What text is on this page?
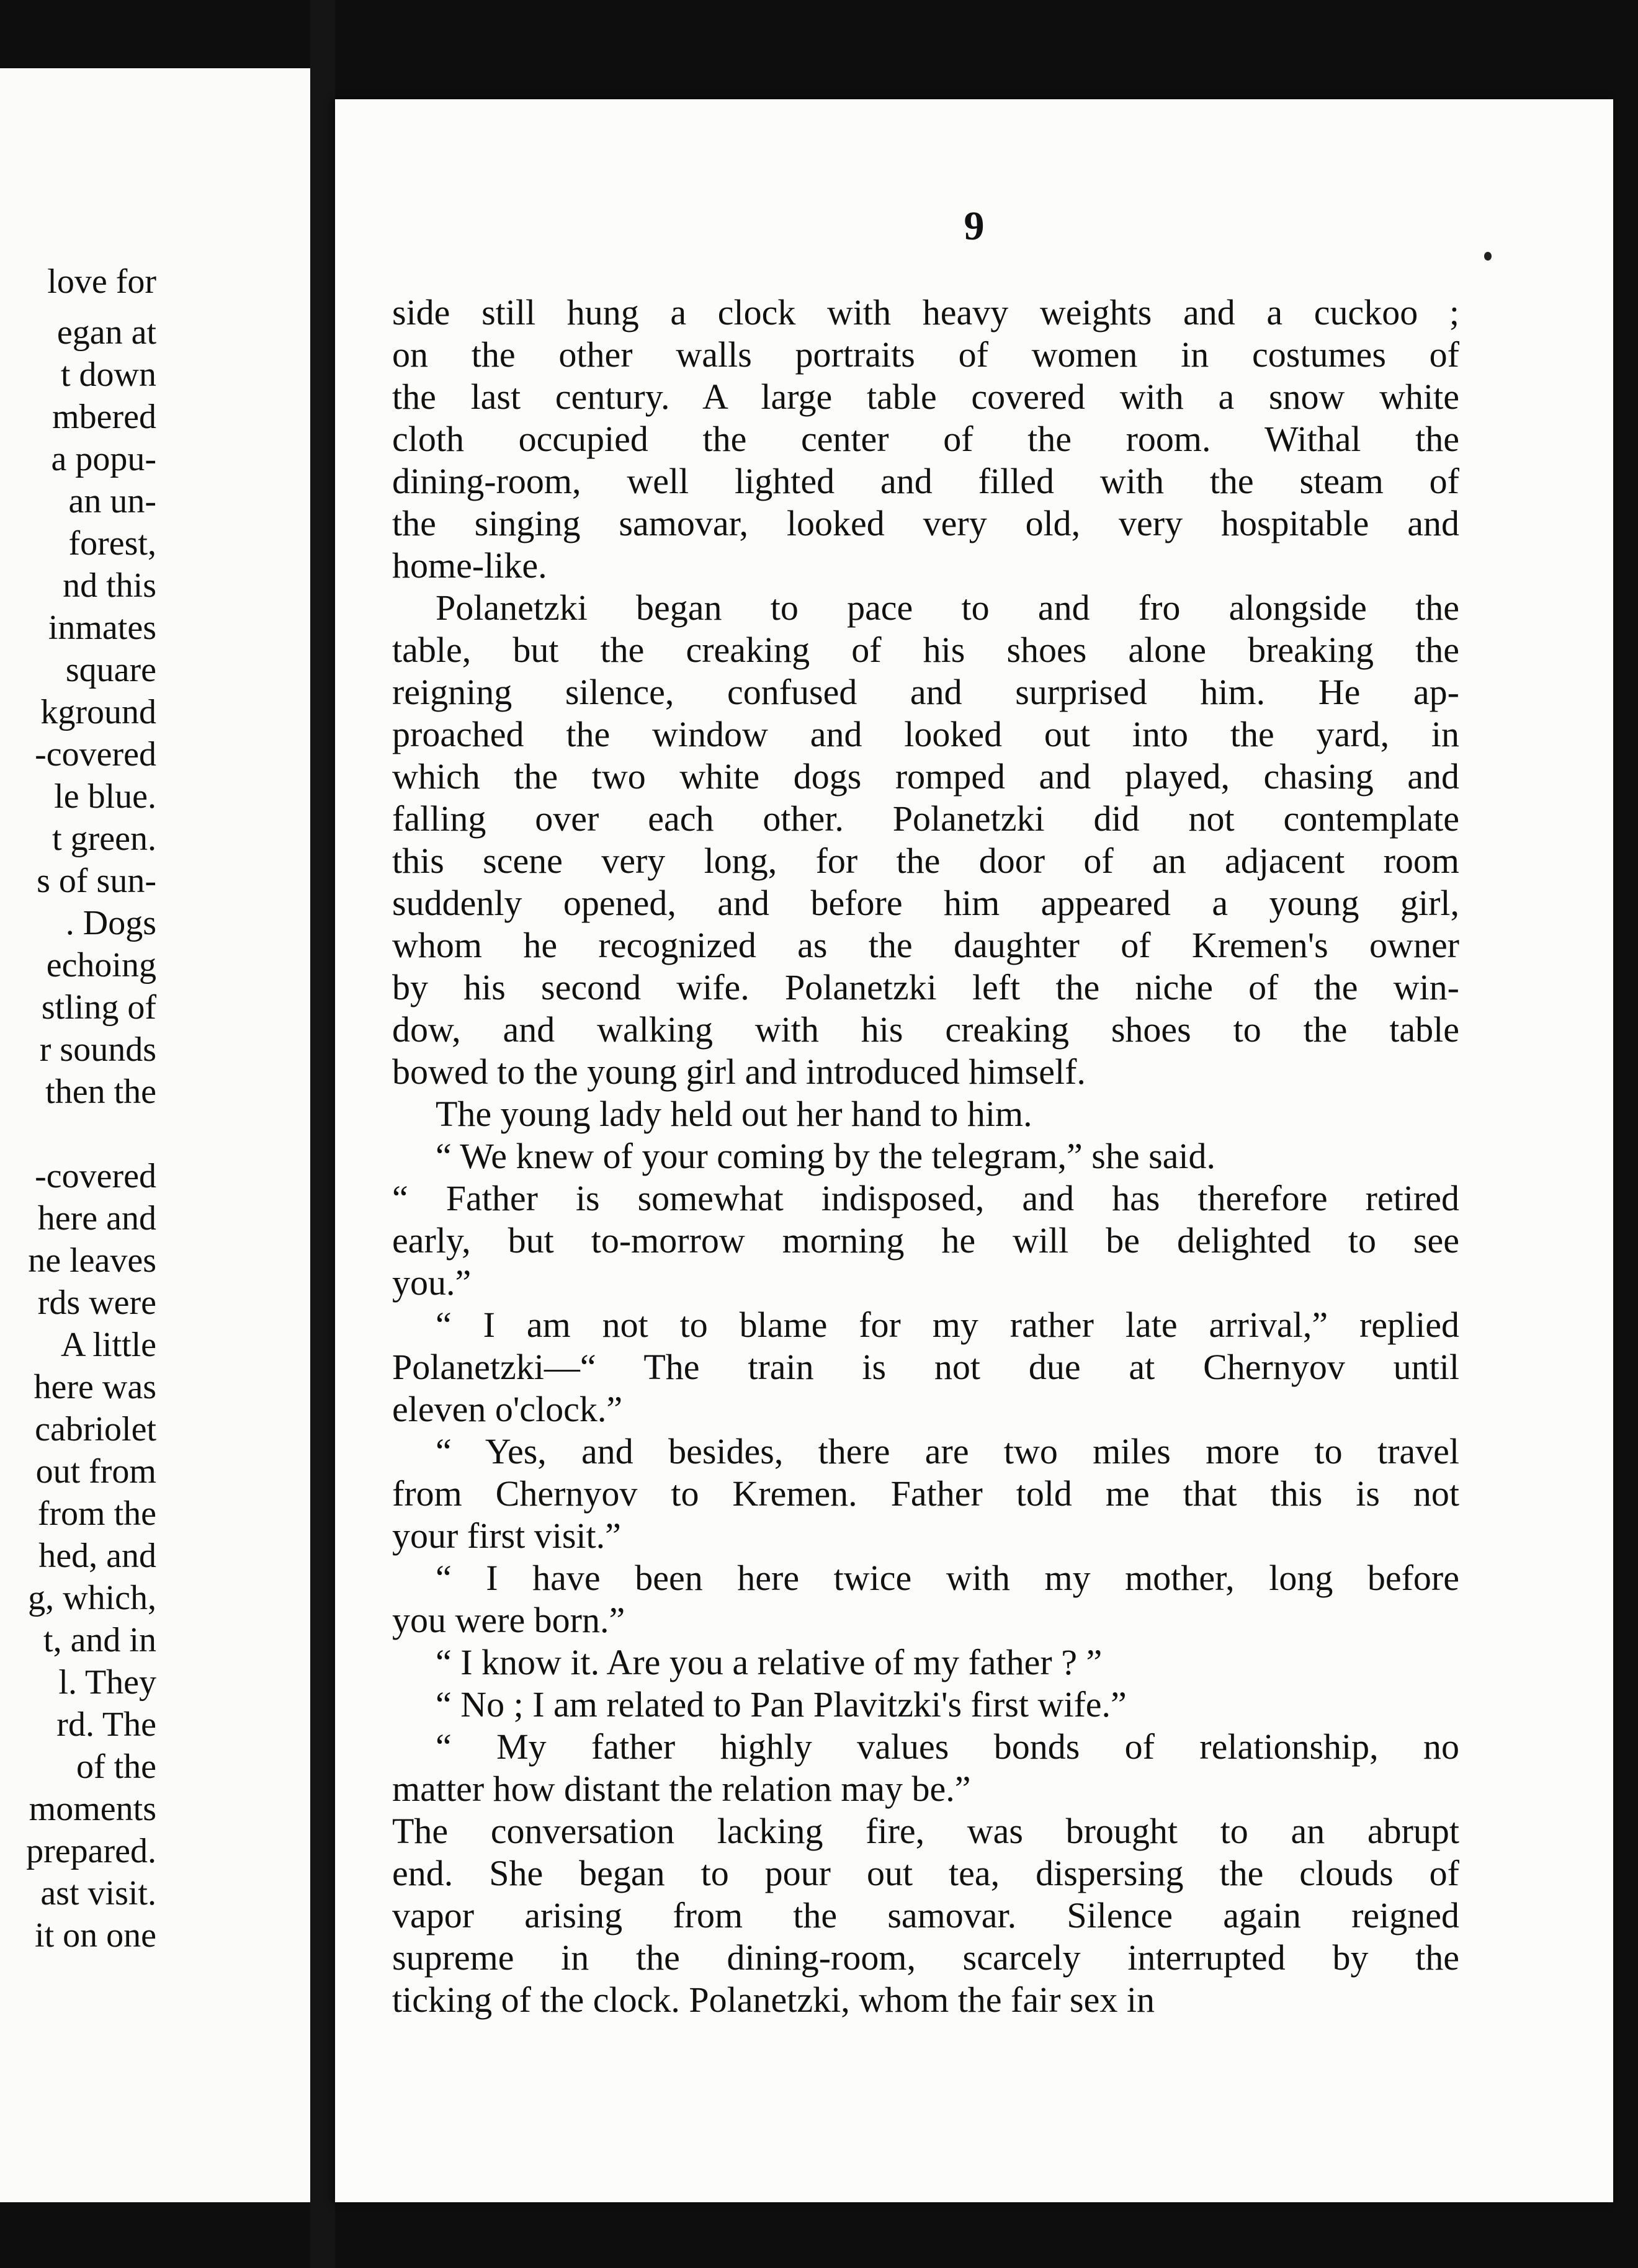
love for
egan at
t down
mbered
a popu-
an un-
forest,
nd this
inmates
square
kground
-covered
le blue.
t green.
s of sun-
. Dogs
echoing
stling of
r sounds
then the
-covered
here and
ne leaves
rds were
A little
here was
cabriolet
out from
from the
hed, and
g, which,
t, and in
l. They
rd. The
of the
moments
prepared.
ast visit.
it on one
9
side still hung a clock with heavy weights and a cuckoo ;
on the other walls portraits of women in costumes of
the last century. A large table covered with a snow white
cloth occupied the center of the room. Withal the
dining-room, well lighted and filled with the steam of
the singing samovar, looked very old, very hospitable and
home-like.
Polanetzki began to pace to and fro alongside the
table, but the creaking of his shoes alone breaking the
reigning silence, confused and surprised him. He ap-
proached the window and looked out into the yard, in
which the two white dogs romped and played, chasing and
falling over each other. Polanetzki did not contemplate
this scene very long, for the door of an adjacent room
suddenly opened, and before him appeared a young girl,
whom he recognized as the daughter of Kremen's owner
by his second wife. Polanetzki left the niche of the win-
dow, and walking with his creaking shoes to the table
bowed to the young girl and introduced himself.
The young lady held out her hand to him.
“ We knew of your coming by the telegram,” she said.
“ Father is somewhat indisposed, and has therefore retired
early, but to-morrow morning he will be delighted to see
you.”
“ I am not to blame for my rather late arrival,” replied
Polanetzki—“ The train is not due at Chernyov until
eleven o'clock.”
“ Yes, and besides, there are two miles more to travel
from Chernyov to Kremen. Father told me that this is not
your first visit.”
“ I have been here twice with my mother, long before
you were born.”
“ I know it. Are you a relative of my father ? ”
“ No ; I am related to Pan Plavitzki's first wife.”
“ My father highly values bonds of relationship, no
matter how distant the relation may be.”
The conversation lacking fire, was brought to an abrupt
end. She began to pour out tea, dispersing the clouds of
vapor arising from the samovar. Silence again reigned
supreme in the dining-room, scarcely interrupted by the
ticking of the clock. Polanetzki, whom the fair sex in
